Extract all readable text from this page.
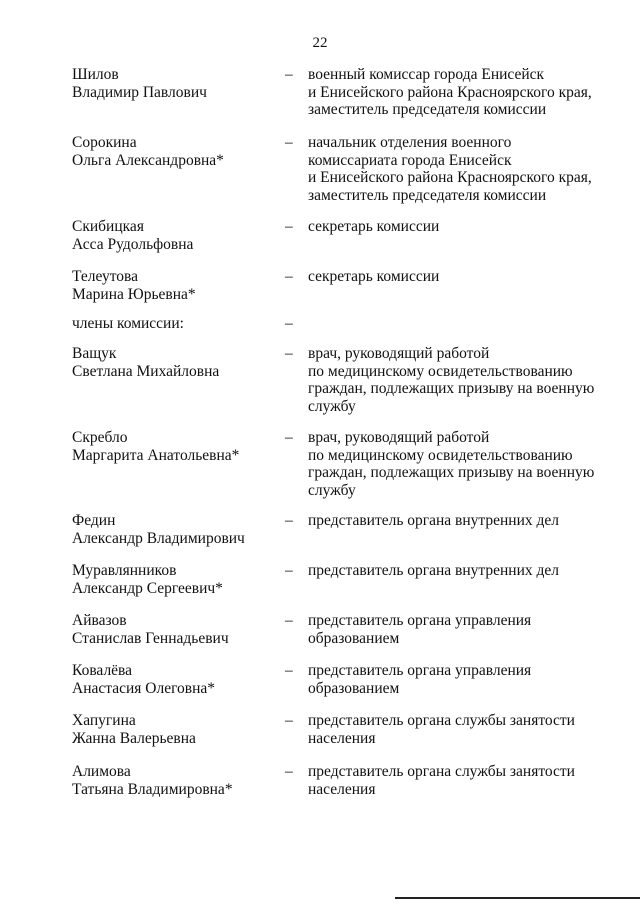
22
Шилов
Владимир Павлович
– военный комиссар города Енисейск
и Енисейского района Красноярского края,
заместитель председателя комиссии
Сорокина
Ольга Александровна*
– начальник отделения военного
комиссариата города Енисейск
и Енисейского района Красноярского края,
заместитель председателя комиссии
Скибицкая
Асса Рудольфовна
– секретарь комиссии
Телеутова
Марина Юрьевна*
– секретарь комиссии
члены комиссии:	–
Ващук
Светлана Михайловна
– врач, руководящий работой
по медицинскому освидетельствованию
граждан, подлежащих призыву на военную
службу
Скребло
Маргарита Анатольевна*
– врач, руководящий работой
по медицинскому освидетельствованию
граждан, подлежащих призыву на военную
службу
Федин
Александр Владимирович
– представитель органа внутренних дел
Муравлянников
Александр Сергеевич*
– представитель органа внутренних дел
Айвазов
Станислав Геннадьевич
– представитель органа управления
образованием
Ковалёва
Анастасия Олеговна*
– представитель органа управления
образованием
Хапугина
Жанна Валерьевна
– представитель органа службы занятости
населения
Алимова
Татьяна Владимировна*
– представитель органа службы занятости
населения
